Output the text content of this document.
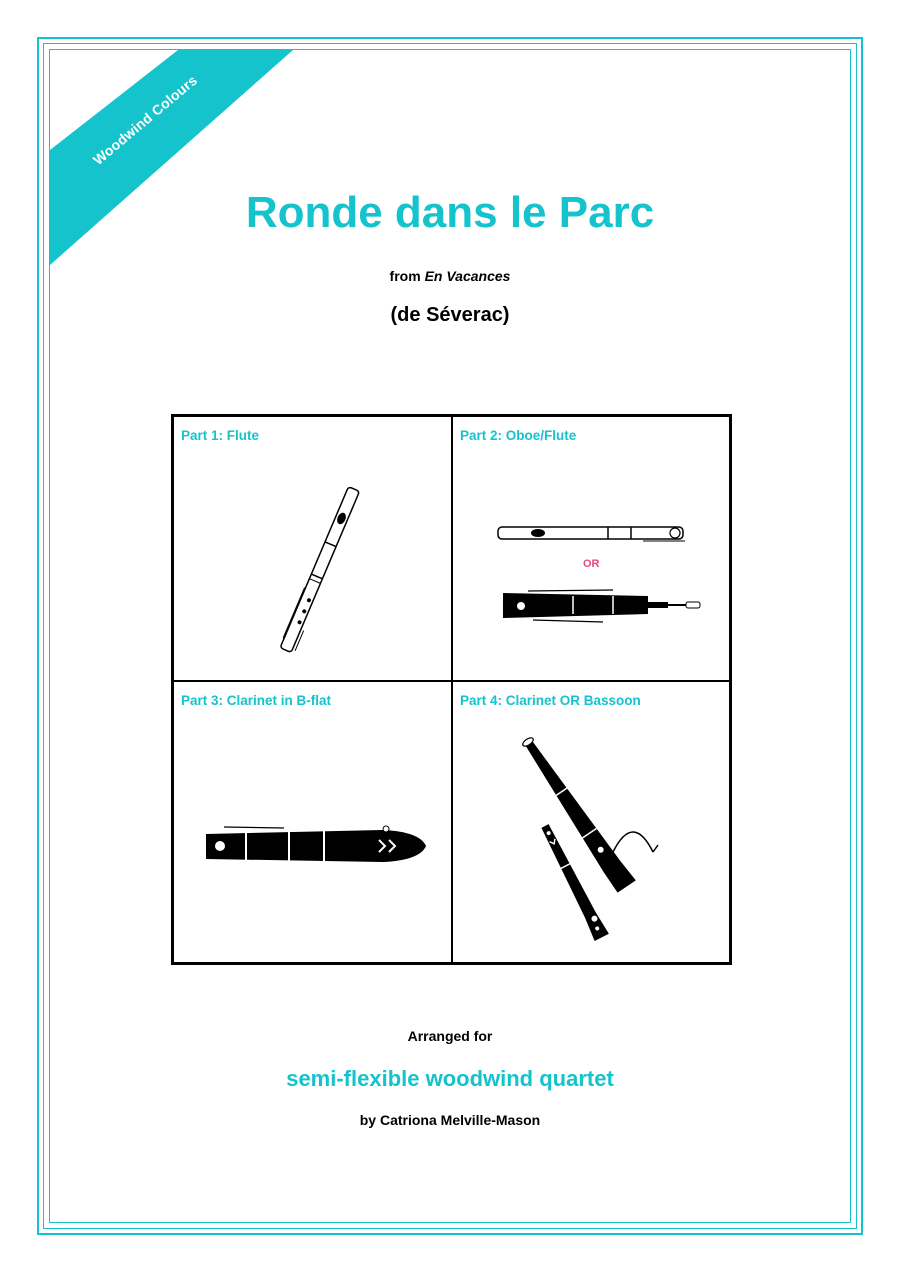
Woodwind Colours
Ronde dans le Parc
from En Vacances
(de Séverac)
Part 1: Flute	Part 2: Oboe/Flute
OR
Part 3: Clarinet in B-flat	Part 4: Clarinet OR Bassoon
Arranged for
semi-flexible woodwind quartet
by Catriona Melville-Mason
